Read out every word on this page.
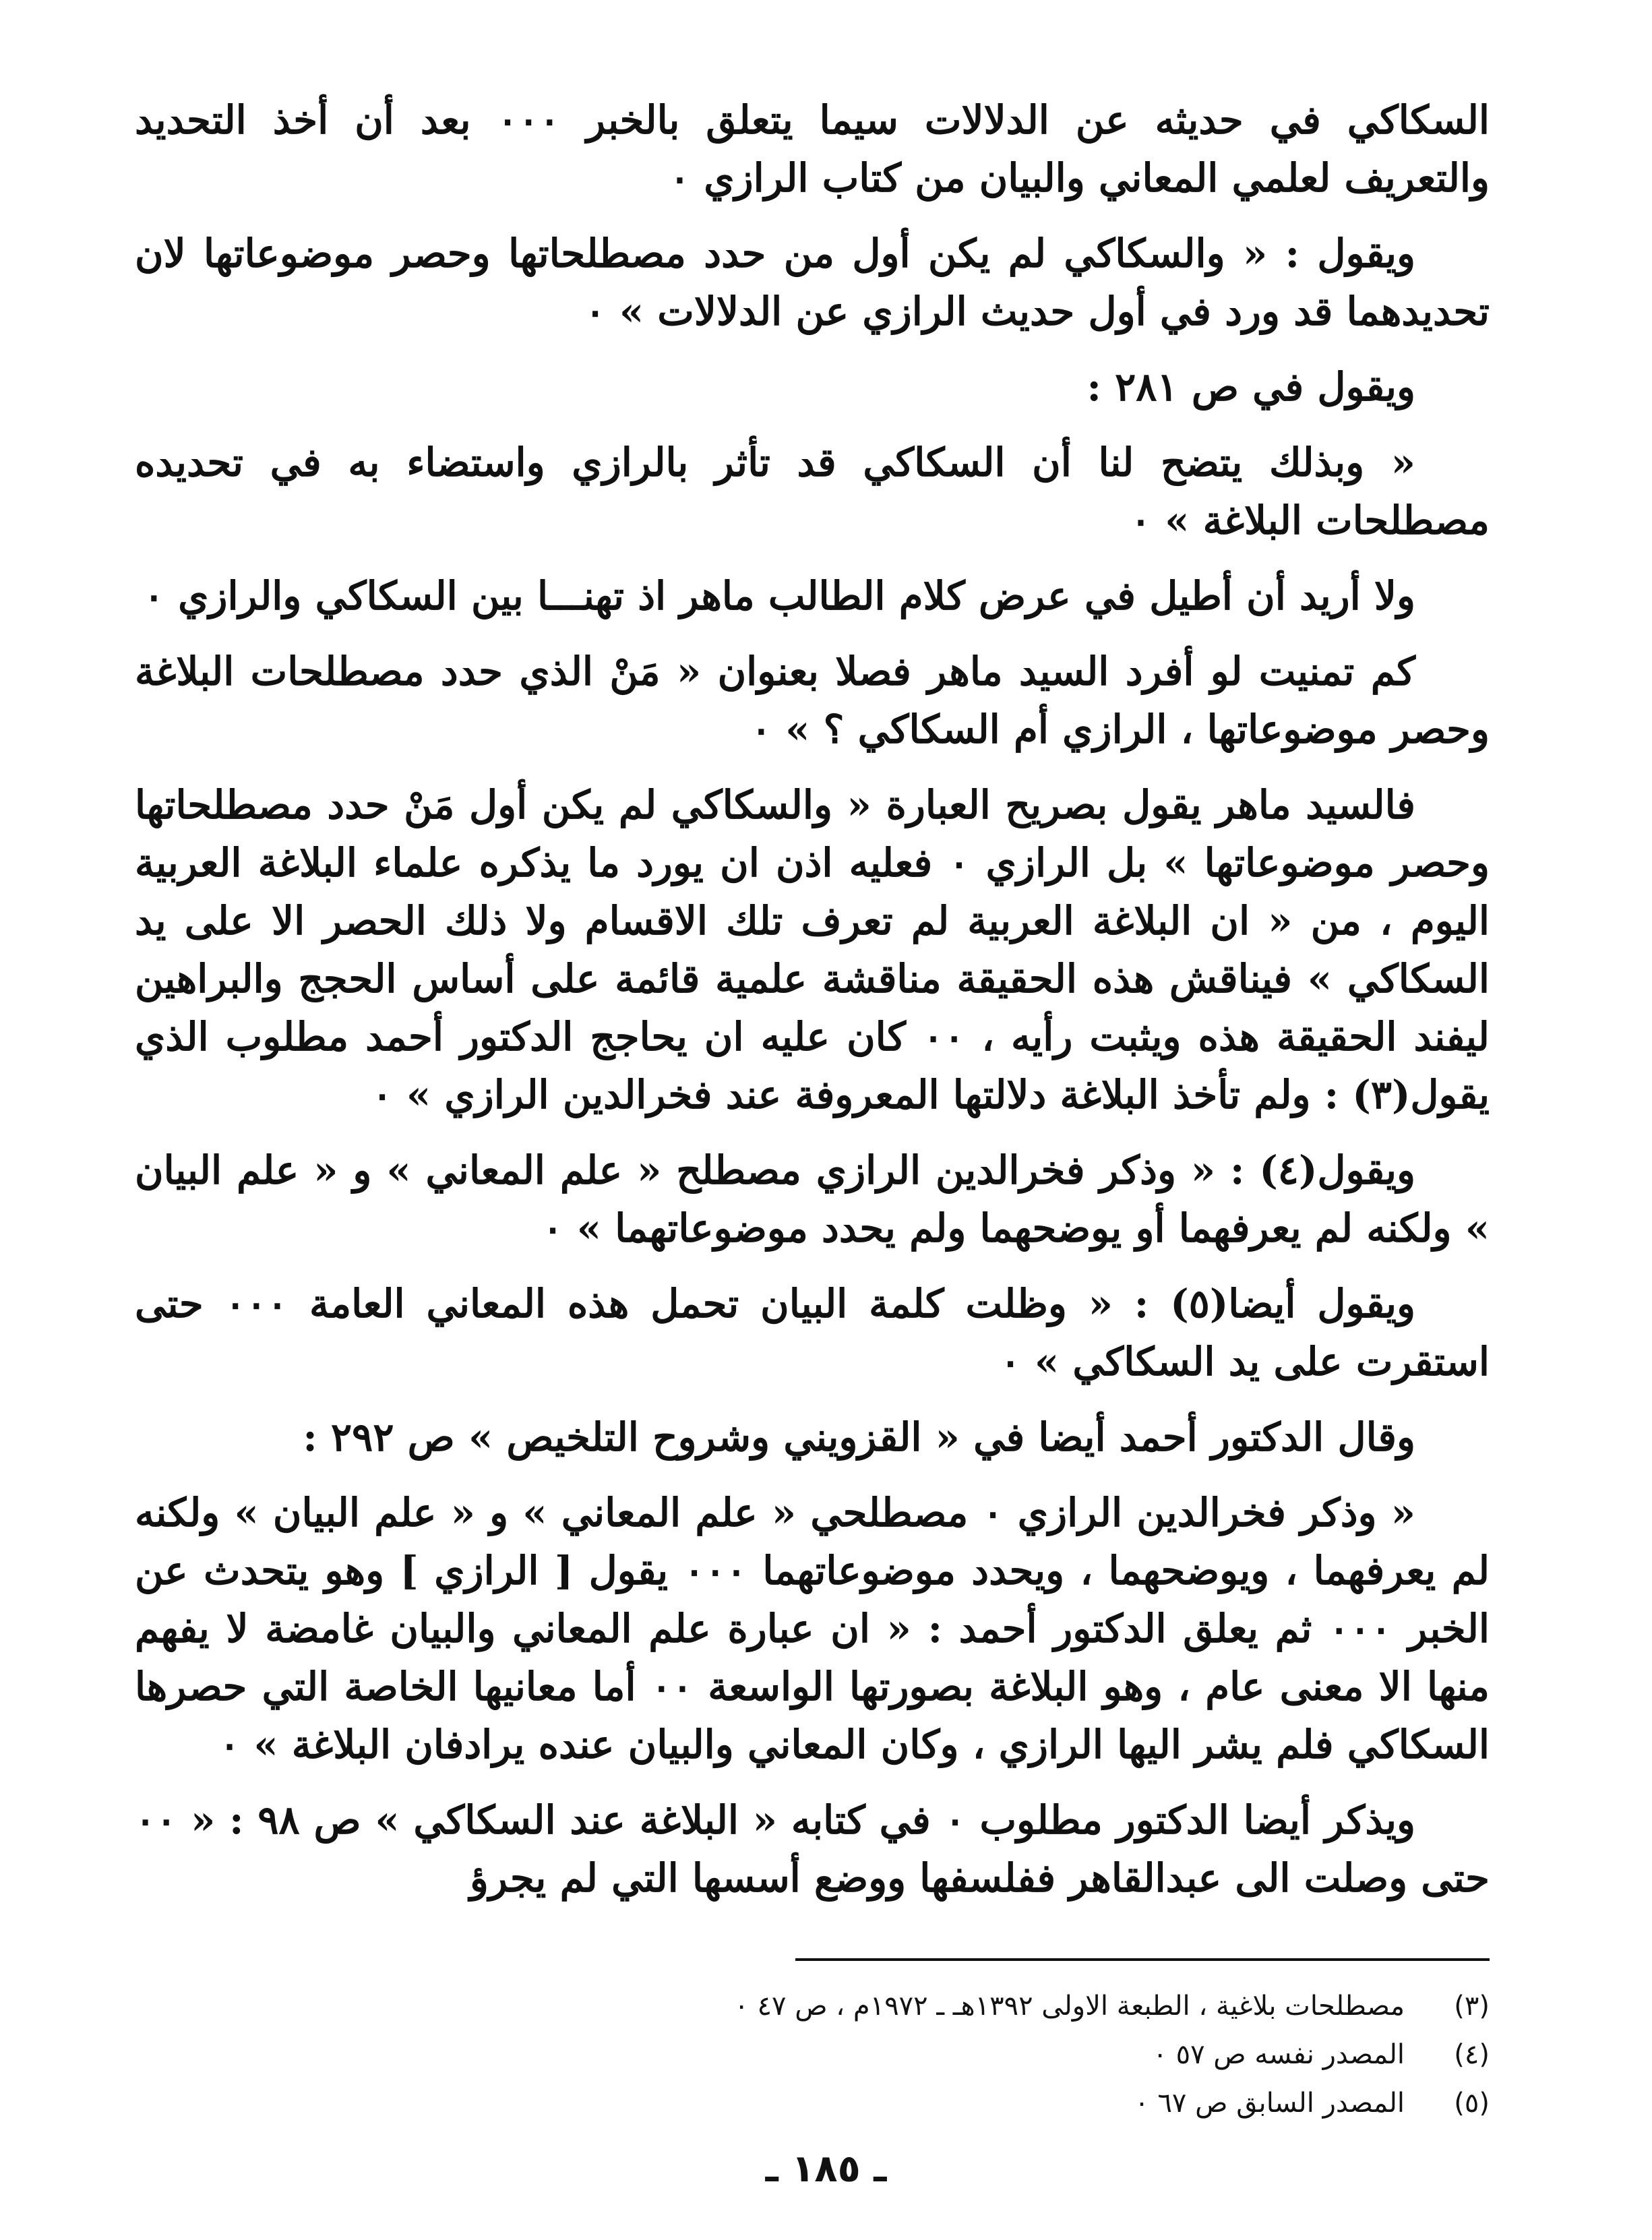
السكاكي في حديثه عن الدلالات سيما يتعلق بالخبر ٠٠٠ بعد أن أخذ التحديد والتعريف لعلمي المعاني والبيان من كتاب الرازي ٠

ويقول : « والسكاكي لم يكن أول من حدد مصطلحاتها وحصر موضوعاتها لان تحديدهما قد ورد في أول حديث الرازي عن الدلالات » ٠

ويقول في ص ٢٨١ :

« وبذلك يتضح لنا أن السكاكي قد تأثر بالرازي واستضاء به في تحديده مصطلحات البلاغة » ٠

ولا أريد أن أطيل في عرض كلام الطالب ماهر اذ تهنـــا بين السكاكي والرازي ٠

كم تمنيت لو أفرد السيد ماهر فصلا بعنوان « مَنْ الذي حدد مصطلحات البلاغة وحصر موضوعاتها ، الرازي أم السكاكي ؟ » ٠

فالسيد ماهر يقول بصريح العبارة « والسكاكي لم يكن أول مَنْ حدد مصطلحاتها وحصر موضوعاتها » بل الرازي ٠ فعليه اذن ان يورد ما يذكره علماء البلاغة العربية اليوم ، من « ان البلاغة العربية لم تعرف تلك الاقسام ولا ذلك الحصر الا على يد السكاكي » فيناقش هذه الحقيقة مناقشة علمية قائمة على أساس الحجج والبراهين ليفند الحقيقة هذه ويثبت رأيه ، ٠٠ كان عليه ان يحاجج الدكتور أحمد مطلوب الذي يقول(٣) : ولم تأخذ البلاغة دلالتها المعروفة عند فخرالدين الرازي » ٠

ويقول(٤) : « وذكر فخرالدين الرازي مصطلح « علم المعاني » و « علم البيان » ولكنه لم يعرفهما أو يوضحهما ولم يحدد موضوعاتهما » ٠

ويقول أيضا(٥) : « وظلت كلمة البيان تحمل هذه المعاني العامة ٠٠٠ حتى استقرت على يد السكاكي » ٠

وقال الدكتور أحمد أيضا في « القزويني وشروح التلخيص » ص ٢٩٢ :

« وذكر فخرالدين الرازي ٠ مصطلحي « علم المعاني » و « علم البيان » ولكنه لم يعرفهما ، ويوضحهما ، ويحدد موضوعاتهما ٠٠٠ يقول [ الرازي ] وهو يتحدث عن الخبر ٠٠٠ ثم يعلق الدكتور أحمد : « ان عبارة علم المعاني والبيان غامضة لا يفهم منها الا معنى عام ، وهو البلاغة بصورتها الواسعة ٠٠ أما معانيها الخاصة التي حصرها السكاكي فلم يشر اليها الرازي ، وكان المعاني والبيان عنده يرادفان البلاغة » ٠

ويذكر أيضا الدكتور مطلوب ٠ في كتابه « البلاغة عند السكاكي » ص ٩٨ : « ٠٠ حتى وصلت الى عبدالقاهر ففلسفها ووضع أسسها التي لم يجرؤ

(٣)
مصطلحات بلاغية ، الطبعة الاولى ١٣٩٢هـ ـ ١٩٧٢م ، ص ٤٧ ٠
(٤)
المصدر نفسه ص ٥٧ ٠
(٥)
المصدر السابق ص ٦٧ ٠
ـ ١٨٥ ـ
